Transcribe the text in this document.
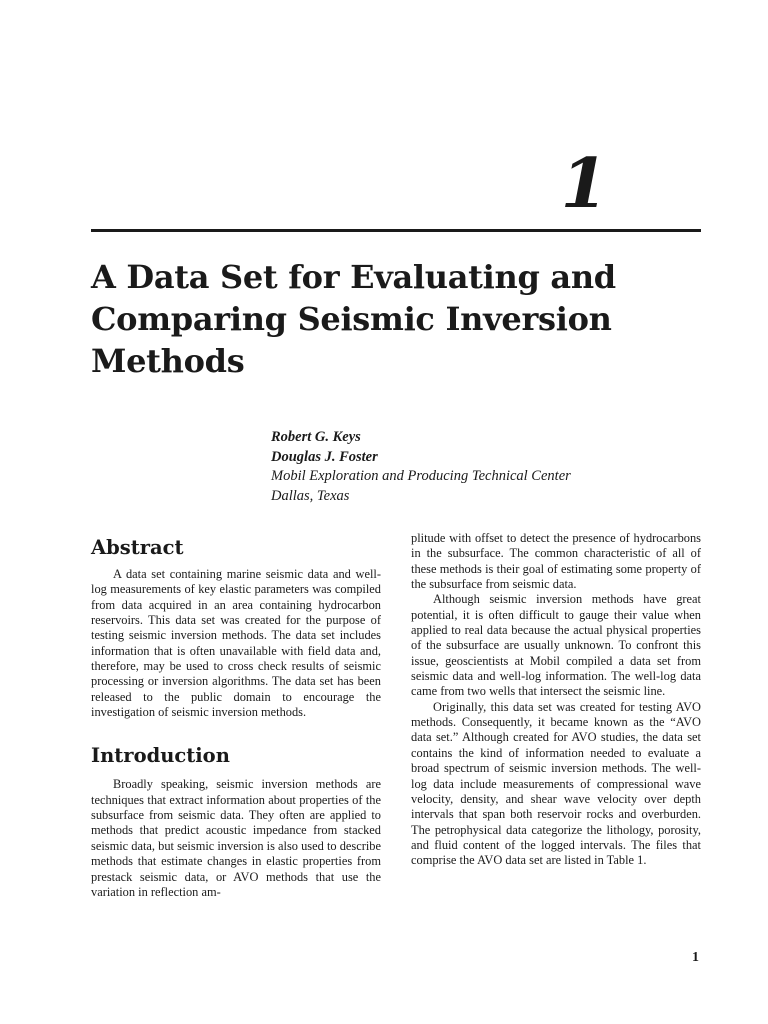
1
A Data Set for Evaluating and
Comparing Seismic Inversion
Methods
Robert G. Keys
Douglas J. Foster
Mobil Exploration and Producing Technical Center
Dallas, Texas
Abstract

A data set containing marine seismic data and well-log measurements of key elastic parameters was compiled from data acquired in an area containing hydrocarbon reservoirs. This data set was created for the purpose of testing seismic inversion methods. The data set includes information that is often unavailable with field data and, therefore, may be used to cross check results of seismic processing or inversion algorithms. The data set has been released to the public domain to encourage the investigation of seismic inversion methods.

Introduction

Broadly speaking, seismic inversion methods are techniques that extract information about properties of the subsurface from seismic data. They often are applied to methods that predict acoustic impedance from stacked seismic data, but seismic inversion is also used to describe methods that estimate changes in elastic properties from prestack seismic data, or AVO methods that use the variation in reflection am-

plitude with offset to detect the presence of hydrocarbons in the subsurface. The common characteristic of all of these methods is their goal of estimating some property of the subsurface from seismic data.

Although seismic inversion methods have great potential, it is often difficult to gauge their value when applied to real data because the actual physical properties of the subsurface are usually unknown. To confront this issue, geoscientists at Mobil compiled a data set from seismic data and well-log information. The well-log data came from two wells that intersect the seismic line.

Originally, this data set was created for testing AVO methods. Consequently, it became known as the “AVO data set.” Although created for AVO studies, the data set contains the kind of information needed to evaluate a broad spectrum of seismic inversion methods. The well-log data include measurements of compressional wave velocity, density, and shear wave velocity over depth intervals that span both reservoir rocks and overburden. The petrophysical data categorize the lithology, porosity, and fluid content of the logged intervals. The files that comprise the AVO data set are listed in Table 1.

1
